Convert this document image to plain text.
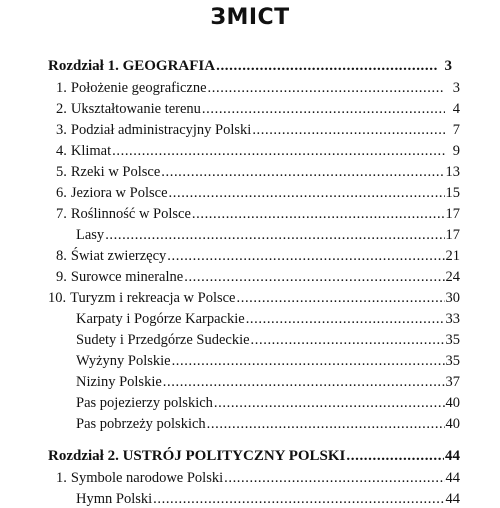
ЗМІСТ
Rozdział 1. GEOGRAFIA .....	3
1. Położenie geograficzne .....	3
2. Ukształtowanie terenu .....	4
3. Podział administracyjny Polski .....	7
4. Klimat .....	9
5. Rzeki w Polsce .....	13
6. Jeziora w Polsce .....	15
7. Roślinność w Polsce .....	17
Lasy .....	17
8. Świat zwierzęcy .....	21
9. Surowce mineralne .....	24
10. Turyzm i rekreacja w Polsce .....	30
Karpaty i Pogórze Karpackie .....	33
Sudety i Przedgórze Sudeckie .....	35
Wyżyny Polskie .....	35
Niziny Polskie .....	37
Pas pojezierzy polskich .....	40
Pas pobrzeży polskich .....	40
Rozdział 2. USTRÓJ POLITYCZNY POLSKI .....	44
1. Symbole narodowe Polski .....	44
Hymn Polski .....	44
